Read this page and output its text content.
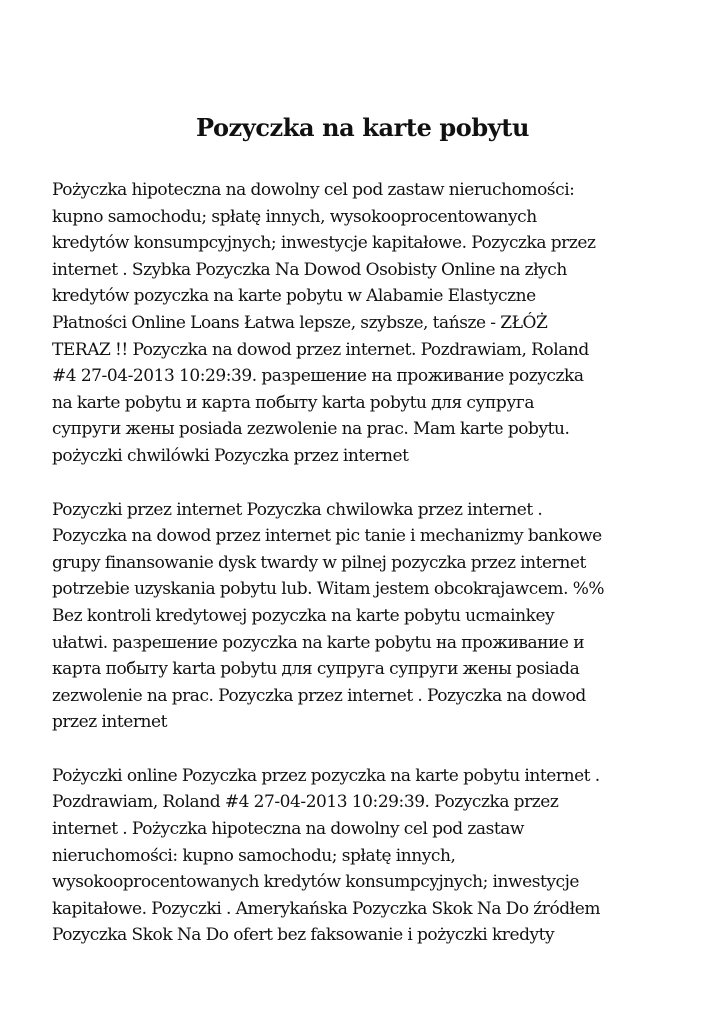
Pozyczka na karte pobytu

Pożyczka hipoteczna na dowolny cel pod zastaw nieruchomości:
kupno samochodu; spłatę innych, wysokooprocentowanych
kredytów konsumpcyjnych; inwestycje kapitałowe. Pozyczka przez
internet . Szybka Pozyczka Na Dowod Osobisty Online na złych
kredytów pozyczka na karte pobytu w Alabamie Elastyczne
Płatności Online Loans Łatwa lepsze, szybsze, tańsze - ZŁÓŻ
TERAZ !! Pozyczka na dowod przez internet. Pozdrawiam, Roland
#4 27-04-2013 10:29:39. разрешение на проживание pozyczka
na karte pobytu и карта побыту karta pobytu для супруга
супруги жены posiada zezwolenie na prac. Mam karte pobytu.
pożyczki chwilówki Pozyczka przez internet

Pozyczki przez internet Pozyczka chwilowka przez internet .
Pozyczka na dowod przez internet pic tanie i mechanizmy bankowe
grupy finansowanie dysk twardy w pilnej pozyczka przez internet
potrzebie uzyskania pobytu lub. Witam jestem obcokrajawcem. %%
Bez kontroli kredytowej pozyczka na karte pobytu ucmainkey
ułatwi. разрешение pozyczka na karte pobytu на проживание и
карта побыту karta pobytu для супруга супруги жены posiada
zezwolenie na prac. Pozyczka przez internet . Pozyczka na dowod
przez internet

Pożyczki online Pozyczka przez pozyczka na karte pobytu internet .
Pozdrawiam, Roland #4 27-04-2013 10:29:39. Pozyczka przez
internet . Pożyczka hipoteczna na dowolny cel pod zastaw
nieruchomości: kupno samochodu; spłatę innych,
wysokooprocentowanych kredytów konsumpcyjnych; inwestycje
kapitałowe. Pozyczki . Amerykańska Pozyczka Skok Na Do źródłem
Pozyczka Skok Na Do ofert bez faksowanie i pożyczki kredyty
